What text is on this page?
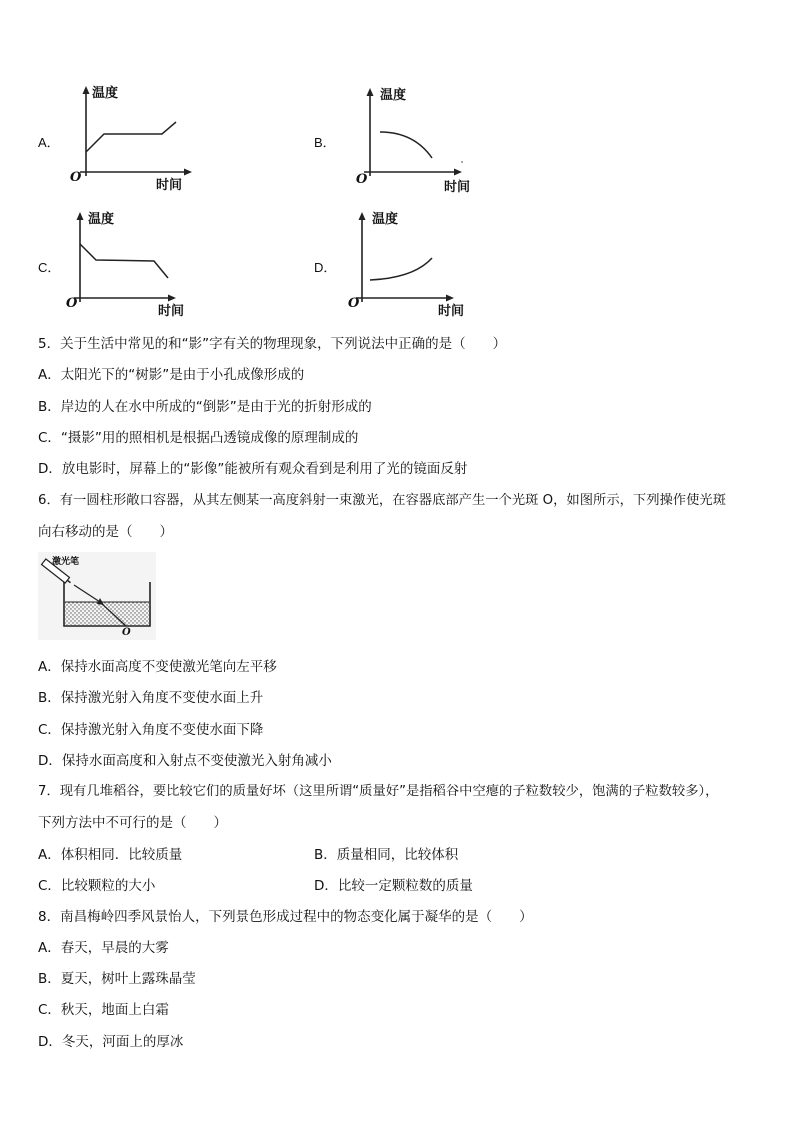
A．
温度
O
时间
B．
温度
O
时间
C．
温度
O
时间
D．
温度
O
时间
5．关于生活中常见的和“影”字有关的物理现象，下列说法中正确的是（　　）
A．太阳光下的“树影”是由于小孔成像形成的
B．岸边的人在水中所成的“倒影”是由于光的折射形成的
C．“摄影”用的照相机是根据凸透镜成像的原理制成的
D．放电影时，屏幕上的“影像”能被所有观众看到是利用了光的镜面反射
6．有一圆柱形敞口容器，从其左侧某一高度斜射一束激光，在容器底部产生一个光斑 O，如图所示，下列操作使光斑
向右移动的是（　　）
激光笔
O
A．保持水面高度不变使激光笔向左平移
B．保持激光射入角度不变使水面上升
C．保持激光射入角度不变使水面下降
D．保持水面高度和入射点不变使激光入射角减小
7．现有几堆稻谷，要比较它们的质量好坏（这里所谓“质量好”是指稻谷中空瘪的子粒数较少，饱满的子粒数较多），
下列方法中不可行的是（　　）
A．体积相同．比较质量	B．质量相同，比较体积
C．比较颗粒的大小	D．比较一定颗粒数的质量
8．南昌梅岭四季风景怡人，下列景色形成过程中的物态变化属于凝华的是（　　）
A．春天，早晨的大雾
B．夏天，树叶上露珠晶莹
C．秋天，地面上白霜
D．冬天，河面上的厚冰
